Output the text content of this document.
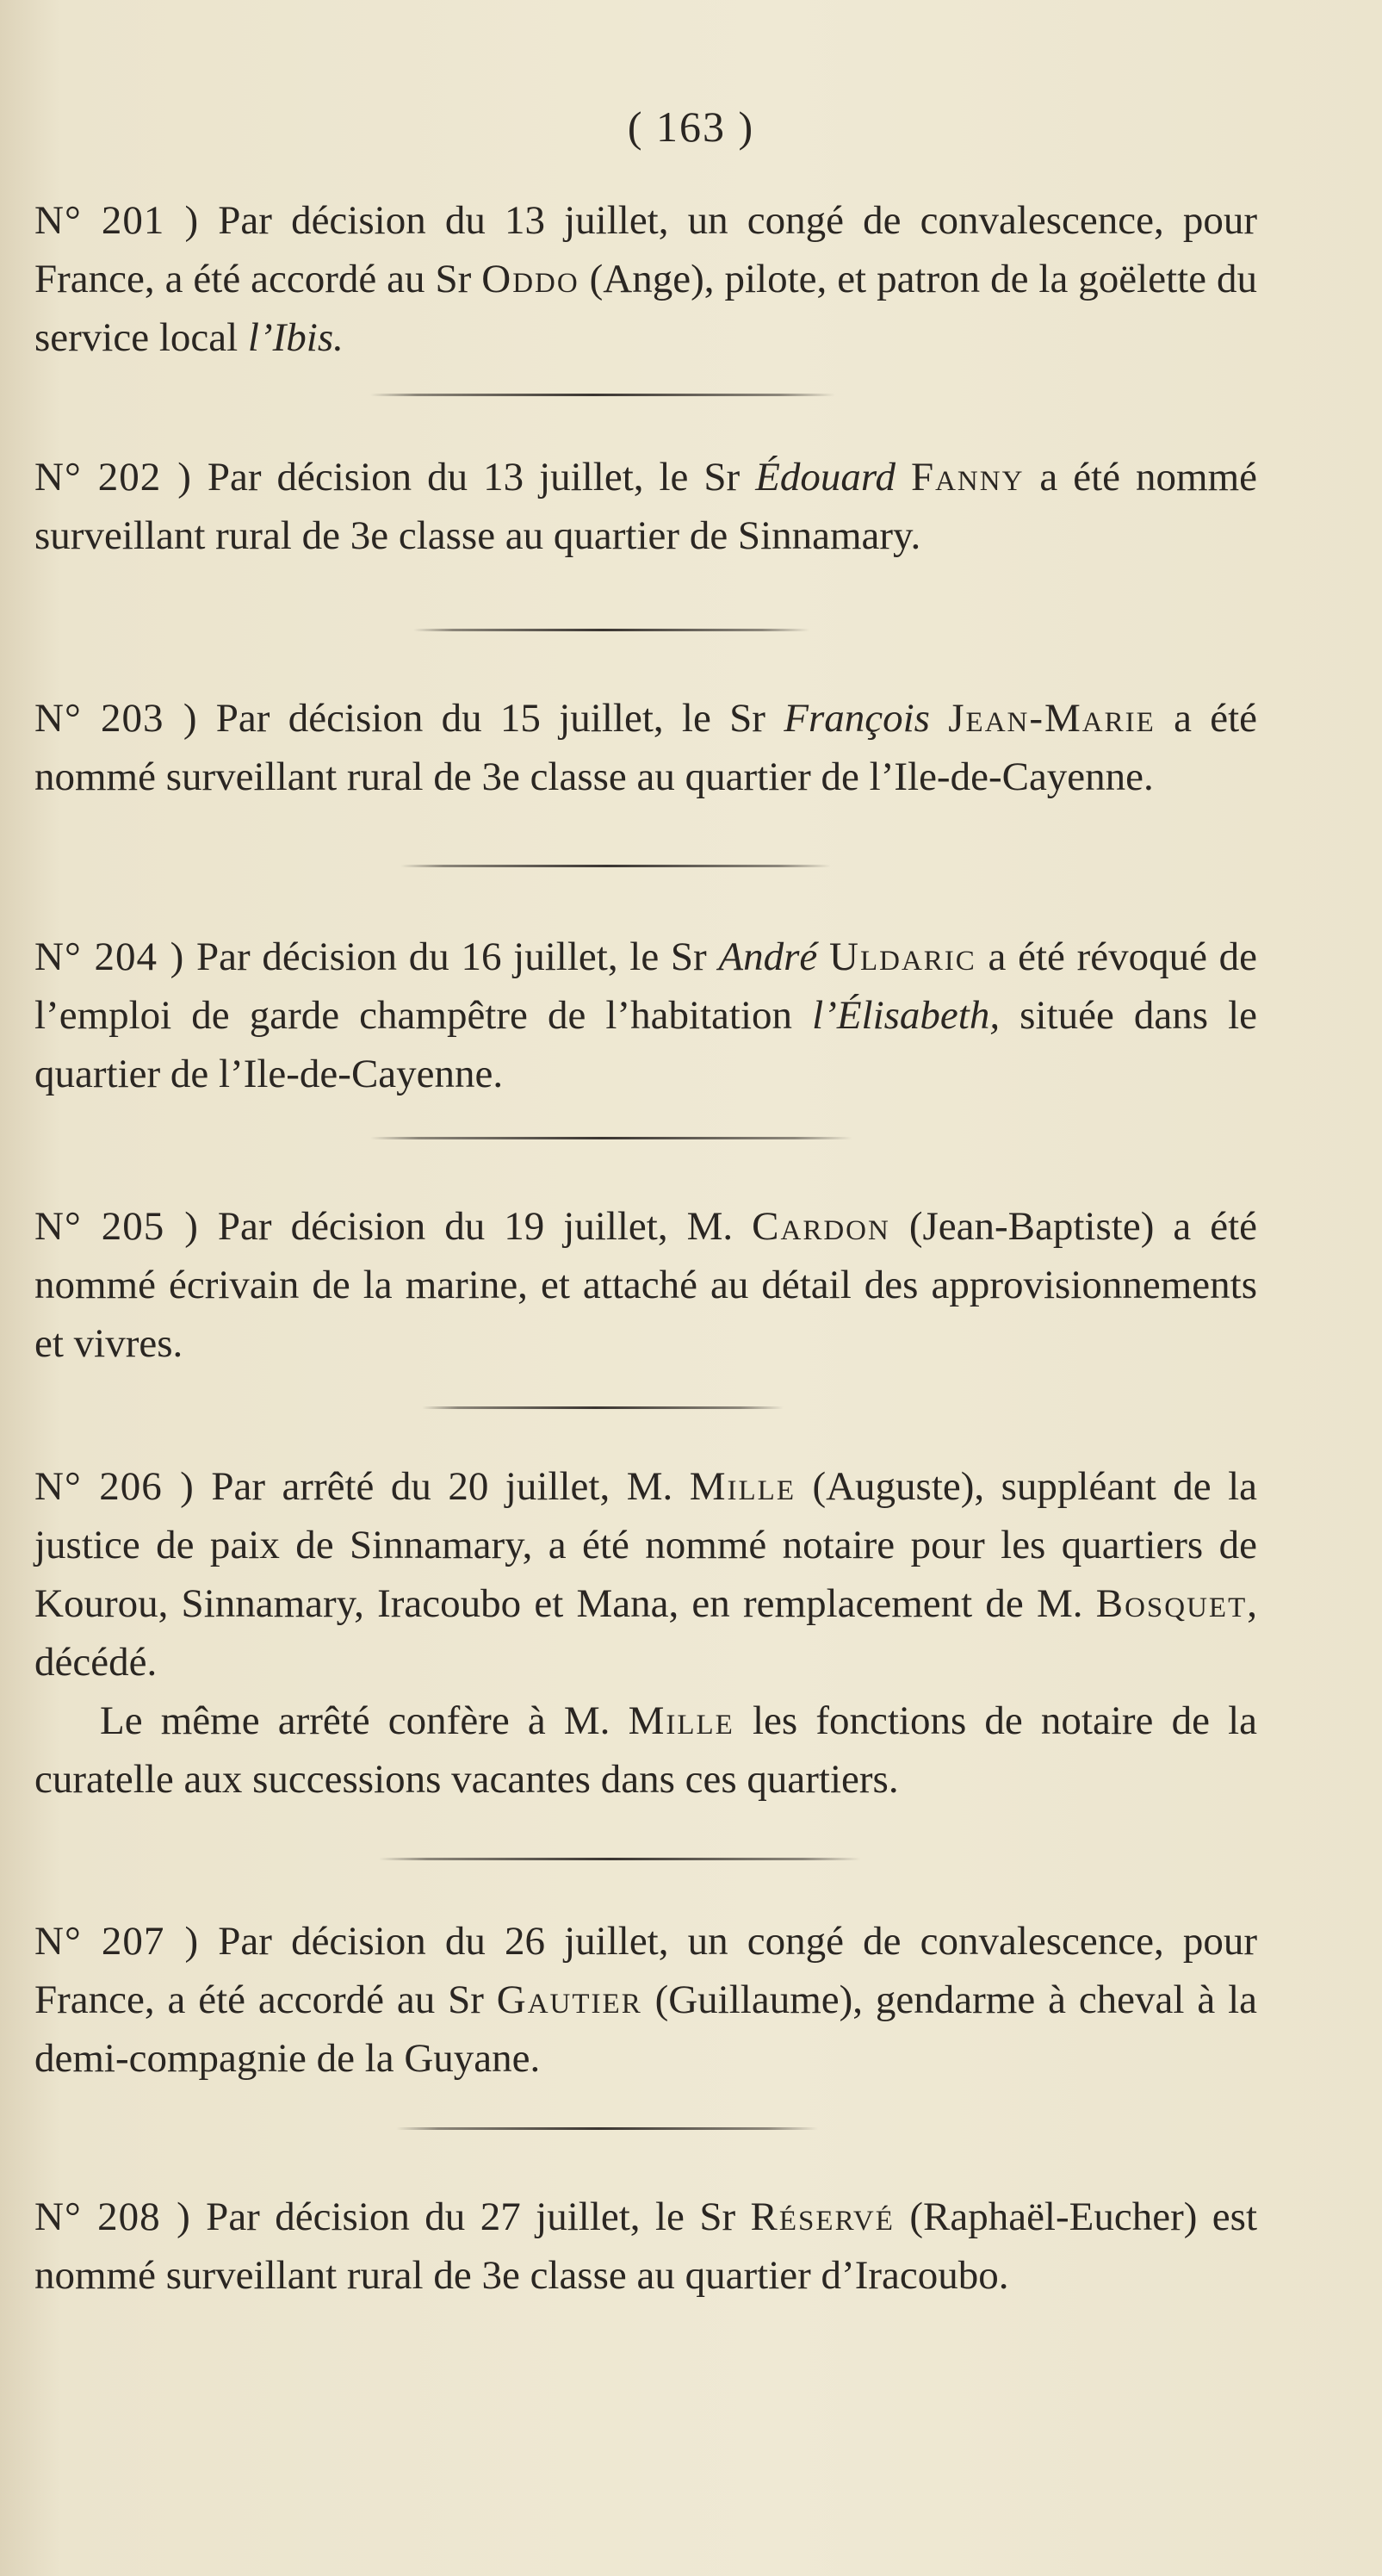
( 163 )

N° 201 ) Par décision du 13 juillet, un congé de convalescence, pour France, a été accordé au Sr Oddo (Ange), pilote, et patron de la goëlette du service local l’Ibis.

N° 202 ) Par décision du 13 juillet, le Sr Édouard Fanny a été nommé surveillant rural de 3e classe au quartier de Sinnamary.

N° 203 ) Par décision du 15 juillet, le Sr François Jean-Marie a été nommé surveillant rural de 3e classe au quartier de l’Ile-de-Cayenne.

N° 204 ) Par décision du 16 juillet, le Sr André Uldaric a été révoqué de l’emploi de garde champêtre de l’habitation l’Élisabeth, située dans le quartier de l’Ile-de-Cayenne.

N° 205 ) Par décision du 19 juillet, M. Cardon (Jean-Baptiste) a été nommé écrivain de la marine, et attaché au détail des approvisionnements et vivres.

N° 206 ) Par arrêté du 20 juillet, M. Mille (Auguste), suppléant de la justice de paix de Sinnamary, a été nommé notaire pour les quartiers de Kourou, Sinnamary, Iracoubo et Mana, en remplacement de M. Bosquet, décédé.

Le même arrêté confère à M. Mille les fonctions de notaire de la curatelle aux successions vacantes dans ces quartiers.

N° 207 ) Par décision du 26 juillet, un congé de convalescence, pour France, a été accordé au Sr Gautier (Guillaume), gendarme à cheval à la demi-compagnie de la Guyane.

N° 208 ) Par décision du 27 juillet, le Sr Réservé (Raphaël-Eucher) est nommé surveillant rural de 3e classe au quartier d’Iracoubo.
